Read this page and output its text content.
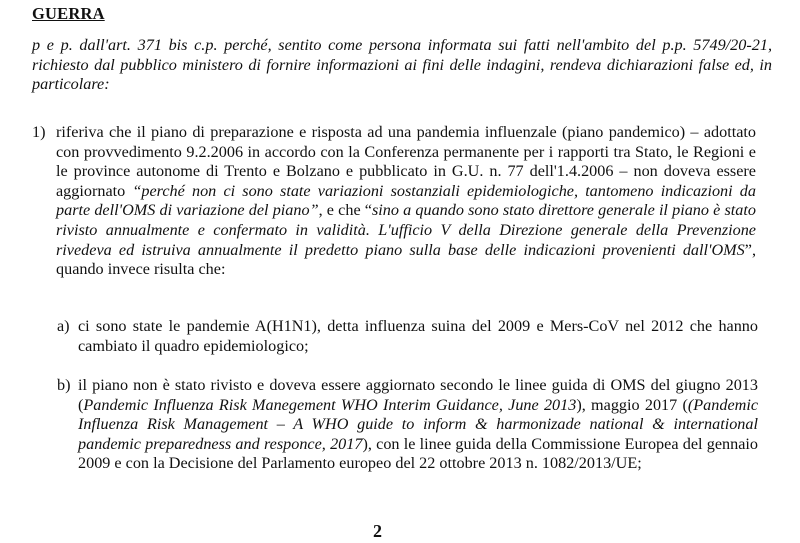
GUERRA
p e p. dall'art. 371 bis c.p. perché, sentito come persona informata sui fatti nell'ambito del p.p. 5749/20-21, richiesto dal pubblico ministero di fornire informazioni ai fini delle indagini, rendeva dichiarazioni false ed, in particolare:
1) riferiva che il piano di preparazione e risposta ad una pandemia influenzale (piano pandemico) – adottato con provvedimento 9.2.2006 in accordo con la Conferenza permanente per i rapporti tra Stato, le Regioni e le province autonome di Trento e Bolzano e pubblicato in G.U. n. 77 dell'1.4.2006 – non doveva essere aggiornato “perché non ci sono state variazioni sostanziali epidemiologiche, tantomeno indicazioni da parte dell'OMS di variazione del piano”, e che “sino a quando sono stato direttore generale il piano è stato rivisto annualmente e confermato in validità. L'ufficio V della Direzione generale della Prevenzione rivedeva ed istruiva annualmente il predetto piano sulla base delle indicazioni provenienti dall'OMS”, quando invece risulta che:
a) ci sono state le pandemie A(H1N1), detta influenza suina del 2009 e Mers-CoV nel 2012 che hanno cambiato il quadro epidemiologico;
b) il piano non è stato rivisto e doveva essere aggiornato secondo le linee guida di OMS del giugno 2013 (Pandemic Influenza Risk Manegement WHO Interim Guidance, June 2013), maggio 2017 ((Pandemic Influenza Risk Management – A WHO guide to inform & harmonizade national & international pandemic preparedness and responce, 2017), con le linee guida della Commissione Europea del gennaio 2009 e con la Decisione del Parlamento europeo del 22 ottobre 2013 n. 1082/2013/UE;
2
